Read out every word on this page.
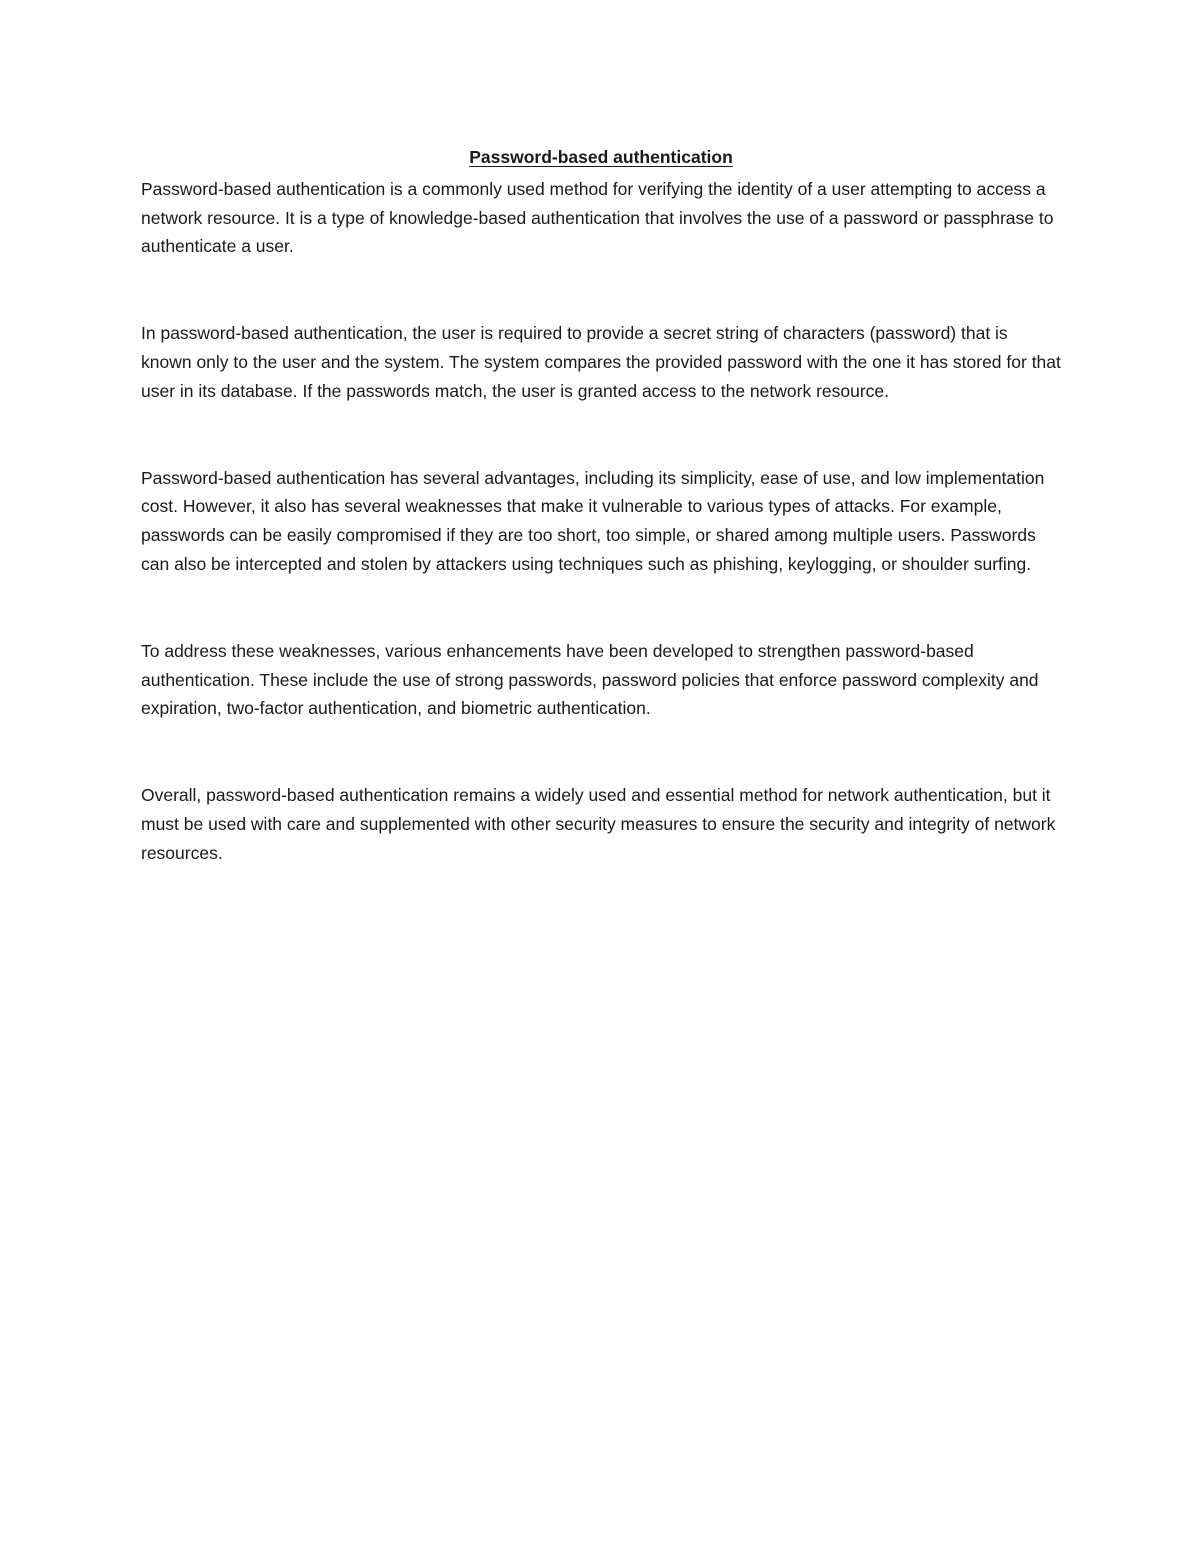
Password-based authentication

Password-based authentication is a commonly used method for verifying the identity of a user attempting to access a network resource. It is a type of knowledge-based authentication that involves the use of a password or passphrase to authenticate a user.

In password-based authentication, the user is required to provide a secret string of characters (password) that is known only to the user and the system. The system compares the provided password with the one it has stored for that user in its database. If the passwords match, the user is granted access to the network resource.

Password-based authentication has several advantages, including its simplicity, ease of use, and low implementation cost. However, it also has several weaknesses that make it vulnerable to various types of attacks. For example, passwords can be easily compromised if they are too short, too simple, or shared among multiple users. Passwords can also be intercepted and stolen by attackers using techniques such as phishing, keylogging, or shoulder surfing.

To address these weaknesses, various enhancements have been developed to strengthen password-based authentication. These include the use of strong passwords, password policies that enforce password complexity and expiration, two-factor authentication, and biometric authentication.

Overall, password-based authentication remains a widely used and essential method for network authentication, but it must be used with care and supplemented with other security measures to ensure the security and integrity of network resources.
